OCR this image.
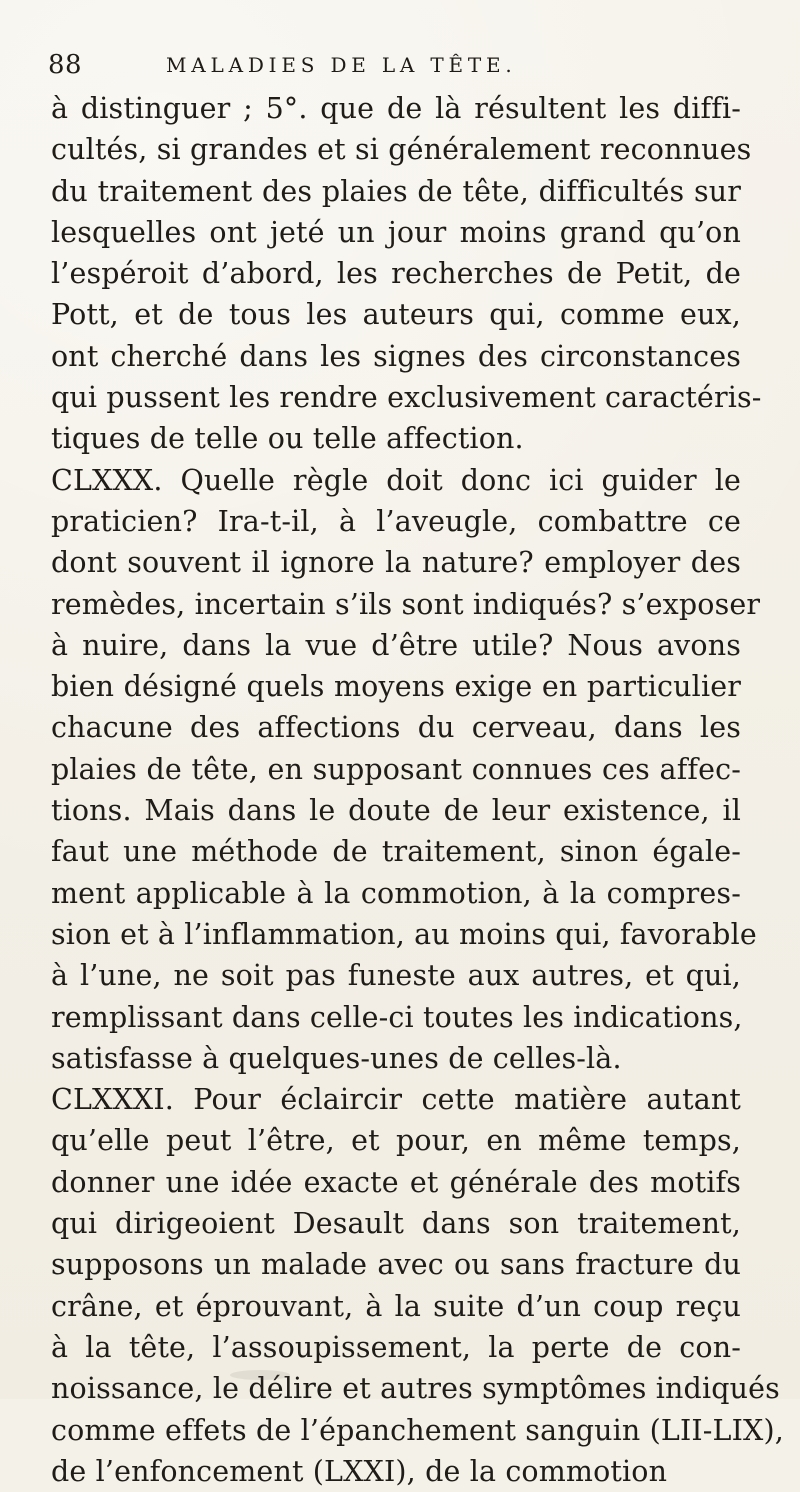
88	MALADIES DE LA TÊTE.
à distinguer ; 5°. que de là résultent les diffi-
cultés, si grandes et si généralement reconnues
du traitement des plaies de tête, difficultés sur
lesquelles ont jeté un jour moins grand qu’on
l’espéroit d’abord, les recherches de Petit, de
Pott, et de tous les auteurs qui, comme eux,
ont cherché dans les signes des circonstances
qui pussent les rendre exclusivement caractéris-
tiques de telle ou telle affection.
CLXXX. Quelle règle doit donc ici guider le
praticien? Ira-t-il, à l’aveugle, combattre ce
dont souvent il ignore la nature? employer des
remèdes, incertain s’ils sont indiqués? s’exposer
à nuire, dans la vue d’être utile? Nous avons
bien désigné quels moyens exige en particulier
chacune des affections du cerveau, dans les
plaies de tête, en supposant connues ces affec-
tions. Mais dans le doute de leur existence, il
faut une méthode de traitement, sinon égale-
ment applicable à la commotion, à la compres-
sion et à l’inflammation, au moins qui, favorable
à l’une, ne soit pas funeste aux autres, et qui,
remplissant dans celle-ci toutes les indications,
satisfasse à quelques-unes de celles-là.
CLXXXI. Pour éclaircir cette matière autant
qu’elle peut l’être, et pour, en même temps,
donner une idée exacte et générale des motifs
qui dirigeoient Desault dans son traitement,
supposons un malade avec ou sans fracture du
crâne, et éprouvant, à la suite d’un coup reçu
à la tête, l’assoupissement, la perte de con-
noissance, le délire et autres symptômes indiqués
comme effets de l’épanchement sanguin (LII-LIX),
de l’enfoncement (LXXI), de la commotion
